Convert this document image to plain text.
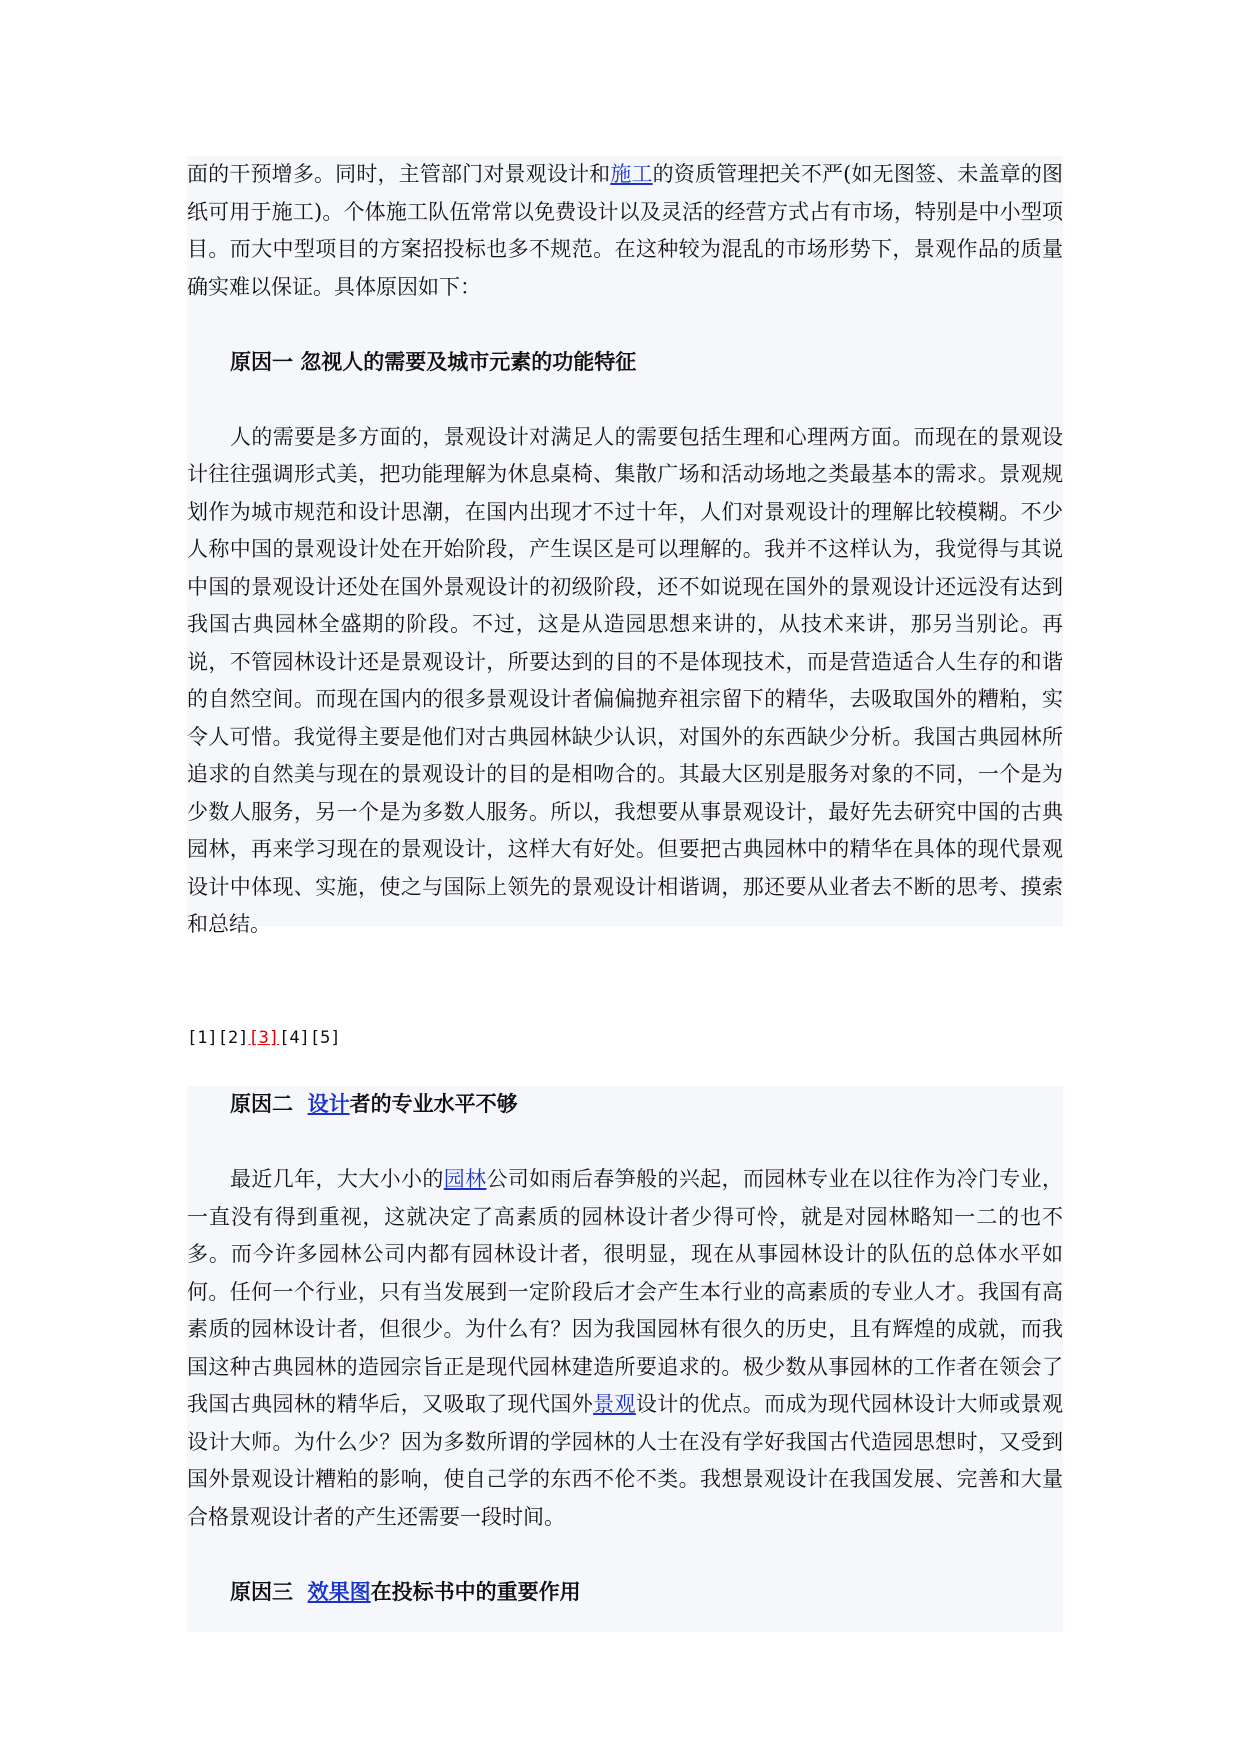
面的干预增多。同时，主管部门对景观设计和施工的资质管理把关不严(如无图签、未盖章的图纸可用于施工)。个体施工队伍常常以免费设计以及灵活的经营方式占有市场，特别是中小型项目。而大中型项目的方案招投标也多不规范。在这种较为混乱的市场形势下，景观作品的质量确实难以保证。具体原因如下：

原因一 忽视人的需要及城市元素的功能特征

人的需要是多方面的，景观设计对满足人的需要包括生理和心理两方面。而现在的景观设计往往强调形式美，把功能理解为休息桌椅、集散广场和活动场地之类最基本的需求。景观规划作为城市规范和设计思潮，在国内出现才不过十年，人们对景观设计的理解比较模糊。不少人称中国的景观设计处在开始阶段，产生误区是可以理解的。我并不这样认为，我觉得与其说中国的景观设计还处在国外景观设计的初级阶段，还不如说现在国外的景观设计还远没有达到我国古典园林全盛期的阶段。不过，这是从造园思想来讲的，从技术来讲，那另当别论。再说，不管园林设计还是景观设计，所要达到的目的不是体现技术，而是营造适合人生存的和谐的自然空间。而现在国内的很多景观设计者偏偏抛弃祖宗留下的精华，去吸取国外的糟粕，实令人可惜。我觉得主要是他们对古典园林缺少认识，对国外的东西缺少分析。我国古典园林所追求的自然美与现在的景观设计的目的是相吻合的。其最大区别是服务对象的不同，一个是为少数人服务，另一个是为多数人服务。所以，我想要从事景观设计，最好先去研究中国的古典园林，再来学习现在的景观设计，这样大有好处。但要把古典园林中的精华在具体的现代景观设计中体现、实施，使之与国际上领先的景观设计相谐调，那还要从业者去不断的思考、摸索和总结。

[1][2][3][4][5]

原因二  设计者的专业水平不够

最近几年，大大小小的园林公司如雨后春笋般的兴起，而园林专业在以往作为冷门专业，一直没有得到重视，这就决定了高素质的园林设计者少得可怜，就是对园林略知一二的也不多。而今许多园林公司内都有园林设计者，很明显，现在从事园林设计的队伍的总体水平如何。任何一个行业，只有当发展到一定阶段后才会产生本行业的高素质的专业人才。我国有高素质的园林设计者，但很少。为什么有？因为我国园林有很久的历史，且有辉煌的成就，而我国这种古典园林的造园宗旨正是现代园林建造所要追求的。极少数从事园林的工作者在领会了我国古典园林的精华后，又吸取了现代国外景观设计的优点。而成为现代园林设计大师或景观设计大师。为什么少？因为多数所谓的学园林的人士在没有学好我国古代造园思想时，又受到国外景观设计糟粕的影响，使自己学的东西不伦不类。我想景观设计在我国发展、完善和大量合格景观设计者的产生还需要一段时间。

原因三  效果图在投标书中的重要作用
